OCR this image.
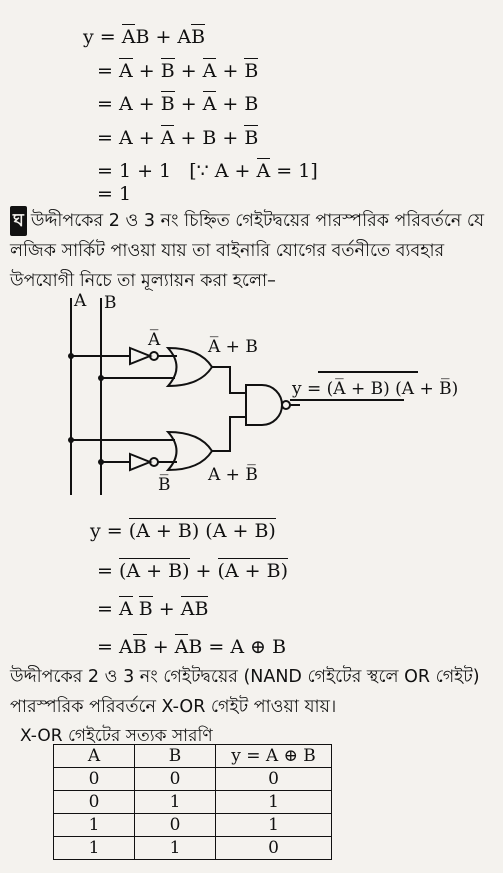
y = AB + AB
= A + B + A + B
= A + B + A + B
= A + A + B + B
= 1 + 1   [∵ A + A = 1]
= 1
ঘ উদ্দীপকের 2 ও 3 নং চিহ্নিত গেইটদ্বয়ের পারস্পরিক পরিবর্তনে যে লজিক সার্কিট পাওয়া যায় তা বাইনারি যোগের বর্তনীতে ব্যবহার উপযোগী নিচে তা মূল্যায়ন করা হলো–
A B
A̅
B̅
A̅ + B
A + B̅
y = (A̅ + B) (A + B̅)
y = (A + B) (A + B)
= (A + B) + (A + B)
= A B + AB
= AB + AB = A ⊕ B
উদ্দীপকের 2 ও 3 নং গেইটদ্বয়ের (NAND গেইটের স্থলে OR গেইট) পারস্পরিক পরিবর্তনে X-OR গেইট পাওয়া যায়।
X-OR গেইটের সত্যক সারণি
A	B	y = A ⊕ B
0	0	0
0	1	1
1	0	1
1	1	0
